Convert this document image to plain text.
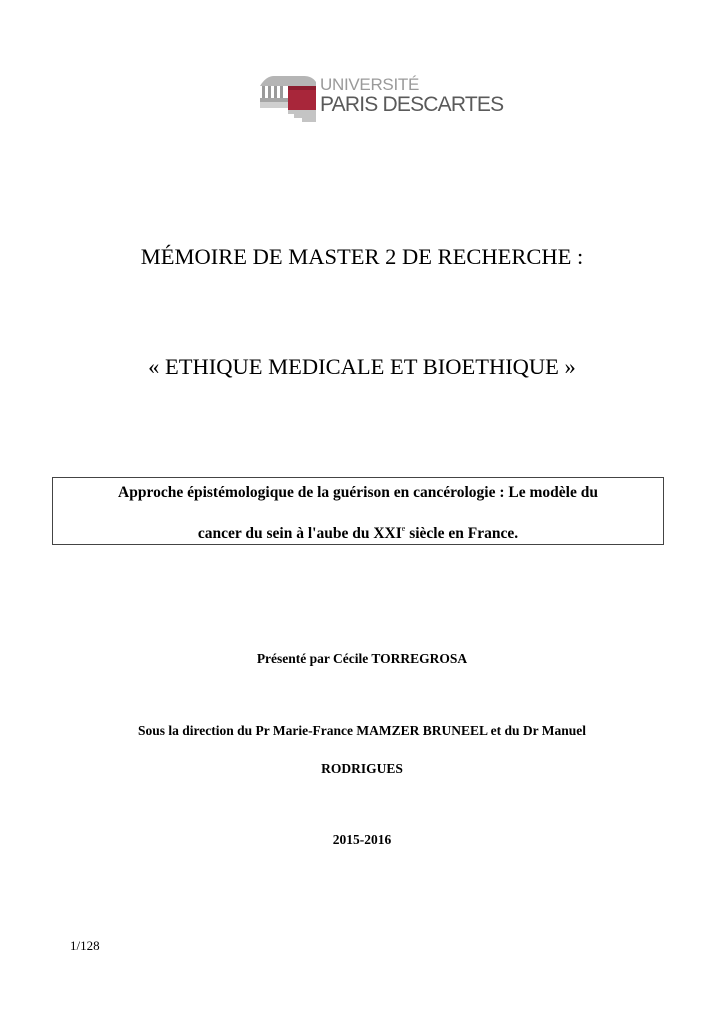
UNIVERSITÉ
PARIS DESCARTES
MÉMOIRE DE MASTER 2 DE RECHERCHE :
« ETHIQUE MEDICALE ET BIOETHIQUE »
Approche épistémologique de la guérison en cancérologie : Le modèle du
cancer du sein à l'aube du XXIe siècle en France.
Présenté par Cécile TORREGROSA
Sous la direction du Pr Marie-France MAMZER BRUNEEL et du Dr Manuel
RODRIGUES
2015-2016
1/128
